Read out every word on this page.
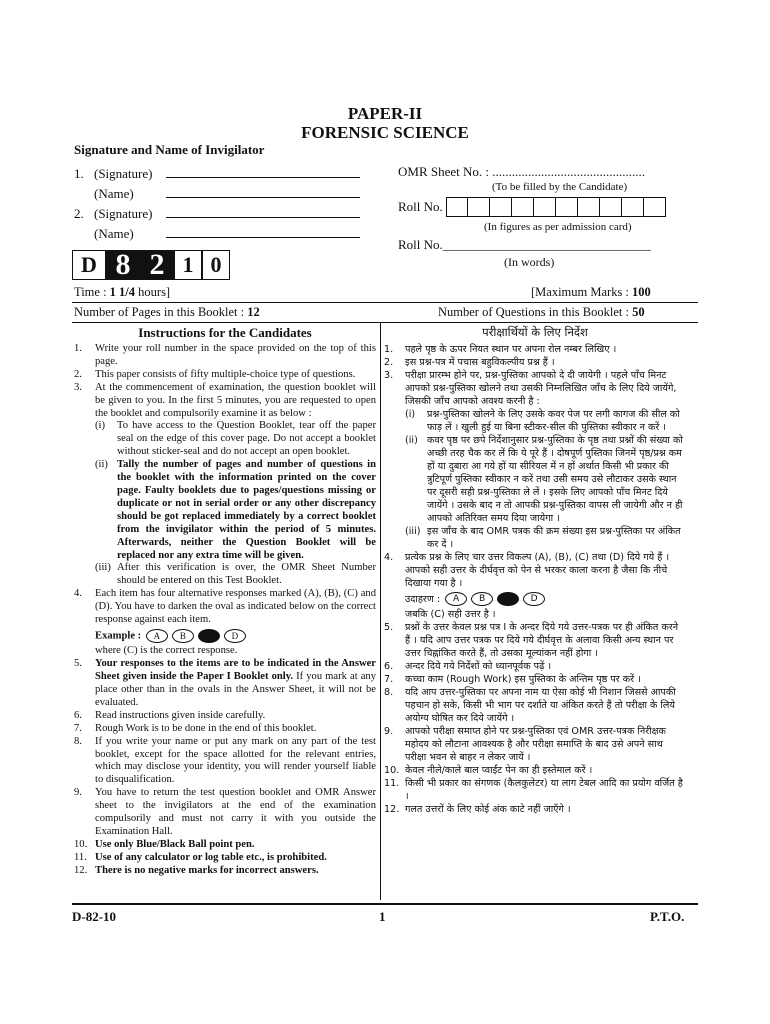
PAPER-II
FORENSIC SCIENCE
Signature and Name of Invigilator
1. (Signature)
(Name)
2. (Signature)
(Name)
OMR Sheet No. : ...............................................
(To be filled by the Candidate)
Roll No.
(In figures as per admission card)
Roll No.________________________________
(In words)
D 8 2 1 0
Time : 1 1/4 hours]	[Maximum Marks : 100
Number of Pages in this Booklet : 12	Number of Questions in this Booklet : 50
Instructions for the Candidates
1. Write your roll number in the space provided on the top of this page.
2. This paper consists of fifty multiple-choice type of questions.
3. At the commencement of examination, the question booklet will be given to you. In the first 5 minutes, you are requested to open the booklet and compulsorily examine it as below :
(i) To have access to the Question Booklet, tear off the paper seal on the edge of this cover page. Do not accept a booklet without sticker-seal and do not accept an open booklet.
(ii) Tally the number of pages and number of questions in the booklet with the information printed on the cover page. Faulty booklets due to pages/questions missing or duplicate or not in serial order or any other discrepancy should be got replaced immediately by a correct booklet from the invigilator within the period of 5 minutes. Afterwards, neither the Question Booklet will be replaced nor any extra time will be given.
(iii) After this verification is over, the OMR Sheet Number should be entered on this Test Booklet.
4. Each item has four alternative responses marked (A), (B), (C) and (D). You have to darken the oval as indicated below on the correct response against each item.
Example : A B C D
where (C) is the correct response.
5. Your responses to the items are to be indicated in the Answer Sheet given inside the Paper I Booklet only. If you mark at any place other than in the ovals in the Answer Sheet, it will not be evaluated.
6. Read instructions given inside carefully.
7. Rough Work is to be done in the end of this booklet.
8. If you write your name or put any mark on any part of the test booklet, except for the space allotted for the relevant entries, which may disclose your identity, you will render yourself liable to disqualification.
9. You have to return the test question booklet and OMR Answer sheet to the invigilators at the end of the examination compulsorily and must not carry it with you outside the Examination Hall.
10. Use only Blue/Black Ball point pen.
11. Use of any calculator or log table etc., is prohibited.
12. There is no negative marks for incorrect answers.
परीक्षार्थियों के लिए निर्देश
1. पहले पृष्ठ के ऊपर नियत स्थान पर अपना रोल नम्बर लिखिए ।
2. इस प्रश्न-पत्र में पचास बहुविकल्पीय प्रश्न हैं ।
3. परीक्षा प्रारम्भ होने पर, प्रश्न-पुस्तिका आपको दे दी जायेगी । पहले पाँच मिनट आपको प्रश्न-पुस्तिका खोलने तथा उसकी निम्नलिखित जाँच के लिए दिये जायेंगे, जिसकी जाँच आपको अवश्य करनी है :
(i) प्रश्न-पुस्तिका खोलने के लिए उसके कवर पेज पर लगी कागज की सील को फाड़ लें । खुली हुई या बिना स्टीकर-सील की पुस्तिका स्वीकार न करें ।
(ii) कवर पृष्ठ पर छपे निर्देशानुसार प्रश्न-पुस्तिका के पृष्ठ तथा प्रश्नों की संख्या को अच्छी तरह चैक कर लें कि ये पूरे हैं । दोषपूर्ण पुस्तिका जिनमें पृष्ठ/प्रश्न कम हों या दुबारा आ गये हों या सीरियल में न हों अर्थात किसी भी प्रकार की त्रुटिपूर्ण पुस्तिका स्वीकार न करें तथा उसी समय उसे लौटाकर उसके स्थान पर दूसरी सही प्रश्न-पुस्तिका ले लें । इसके लिए आपको पाँच मिनट दिये जायेंगे । उसके बाद न तो आपकी प्रश्न-पुस्तिका वापस ली जायेगी और न ही आपको अतिरिक्त समय दिया जायेगा ।
(iii) इस जाँच के बाद OMR पत्रक की क्रम संख्या इस प्रश्न-पुस्तिका पर अंकित कर दें ।
4. प्रत्येक प्रश्न के लिए चार उत्तर विकल्प (A), (B), (C) तथा (D) दिये गये हैं । आपको सही उत्तर के दीर्घवृत्त को पेन से भरकर काला करना है जैसा कि नीचे दिखाया गया है ।
उदाहरण : A B C D
जबकि (C) सही उत्तर है ।
5. प्रश्नों के उत्तर केवल प्रश्न पत्र I के अन्दर दिये गये उत्तर-पत्रक पर ही अंकित करने हैं । यदि आप उत्तर पत्रक पर दिये गये दीर्घवृत्त के अलावा किसी अन्य स्थान पर उत्तर चिह्नांकित करते हैं, तो उसका मूल्यांकन नहीं होगा ।
6. अन्दर दिये गये निर्देशों को ध्यानपूर्वक पढ़ें ।
7. कच्चा काम (Rough Work) इस पुस्तिका के अन्तिम पृष्ठ पर करें ।
8. यदि आप उत्तर-पुस्तिका पर अपना नाम या ऐसा कोई भी निशान जिससे आपकी पहचान हो सके, किसी भी भाग पर दर्शाते या अंकित करते हैं तो परीक्षा के लिये अयोग्य घोषित कर दिये जायेंगे ।
9. आपको परीक्षा समाप्त होने पर प्रश्न-पुस्तिका एवं OMR उत्तर-पत्रक निरीक्षक महोदय को लौटाना आवश्यक है और परीक्षा समाप्ति के बाद उसे अपने साथ परीक्षा भवन से बाहर न लेकर जायें ।
10. केवल नीले/काले बाल प्वाईंट पेन का ही इस्तेमाल करें ।
11. किसी भी प्रकार का संगणक (कैलकुलेटर) या लाग टेबल आदि का प्रयोग वर्जित है ।
12. गलत उत्तरों के लिए कोई अंक काटे नहीं जाएँगे ।
D-82-10	1	P.T.O.
